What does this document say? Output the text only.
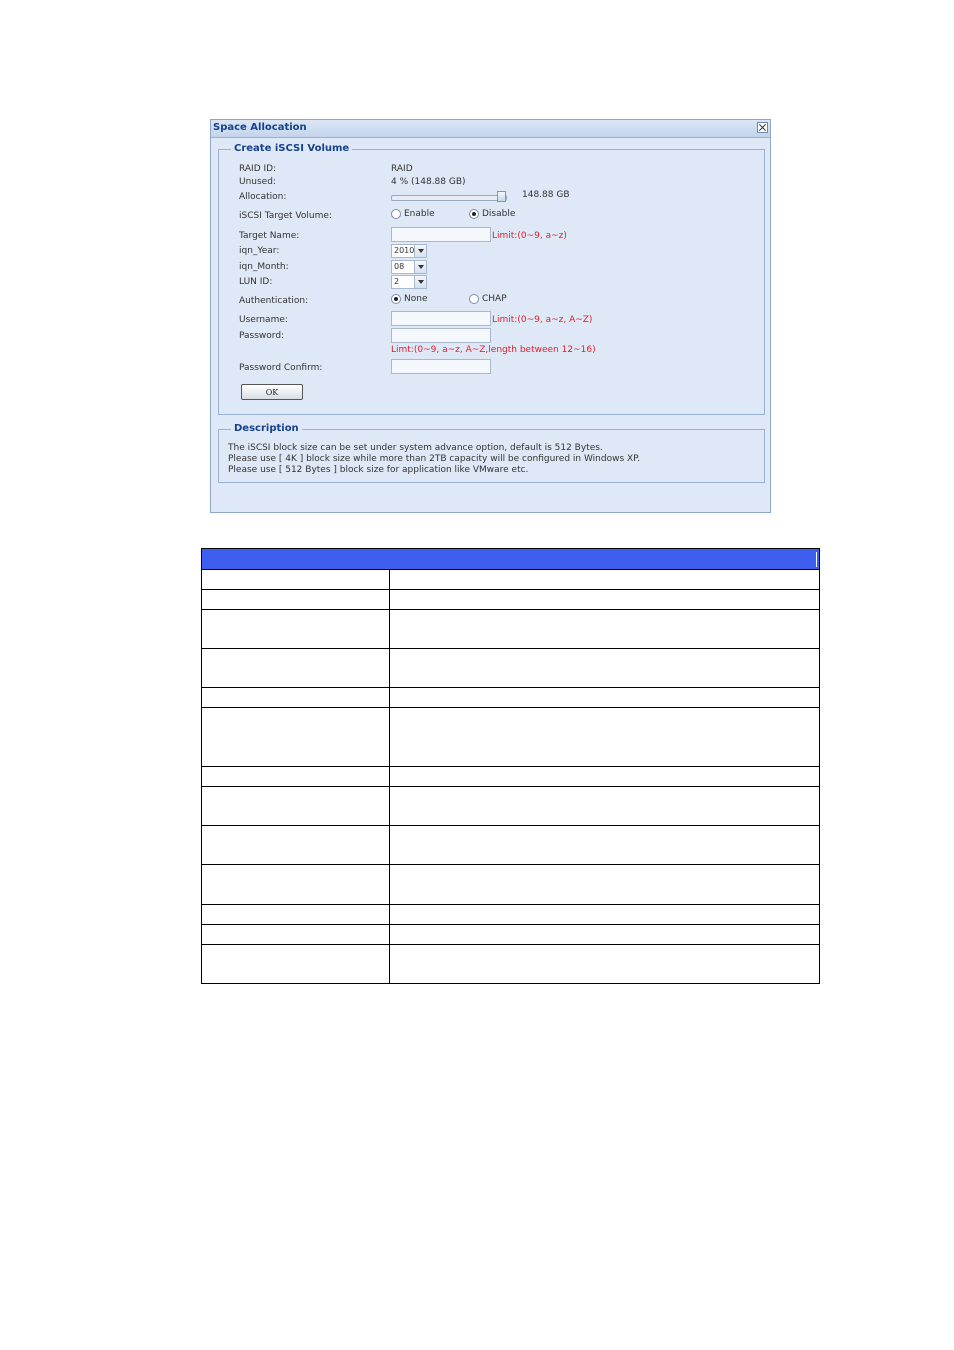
Space Allocation
Create iSCSI Volume
RAID ID:	RAID
Unused:	4 % (148.88 GB)
Allocation:	148.88 GB
iSCSI Target Volume:	Enable	Disable
Target Name:	Limit:(0~9, a~z)
iqn_Year:	2010
iqn_Month:	08
LUN ID:	2
Authentication:	None	CHAP
Username:	Limit:(0~9, a~z, A~Z)
Password:
Limt:(0~9, a~z, A~Z,length between 12~16)
Password Confirm:
OK
Description
The iSCSI block size can be set under system advance option, default is 512 Bytes.
Please use [ 4K ] block size while more than 2TB capacity will be configured in Windows XP.
Please use [ 512 Bytes ] block size for application like VMware etc.
